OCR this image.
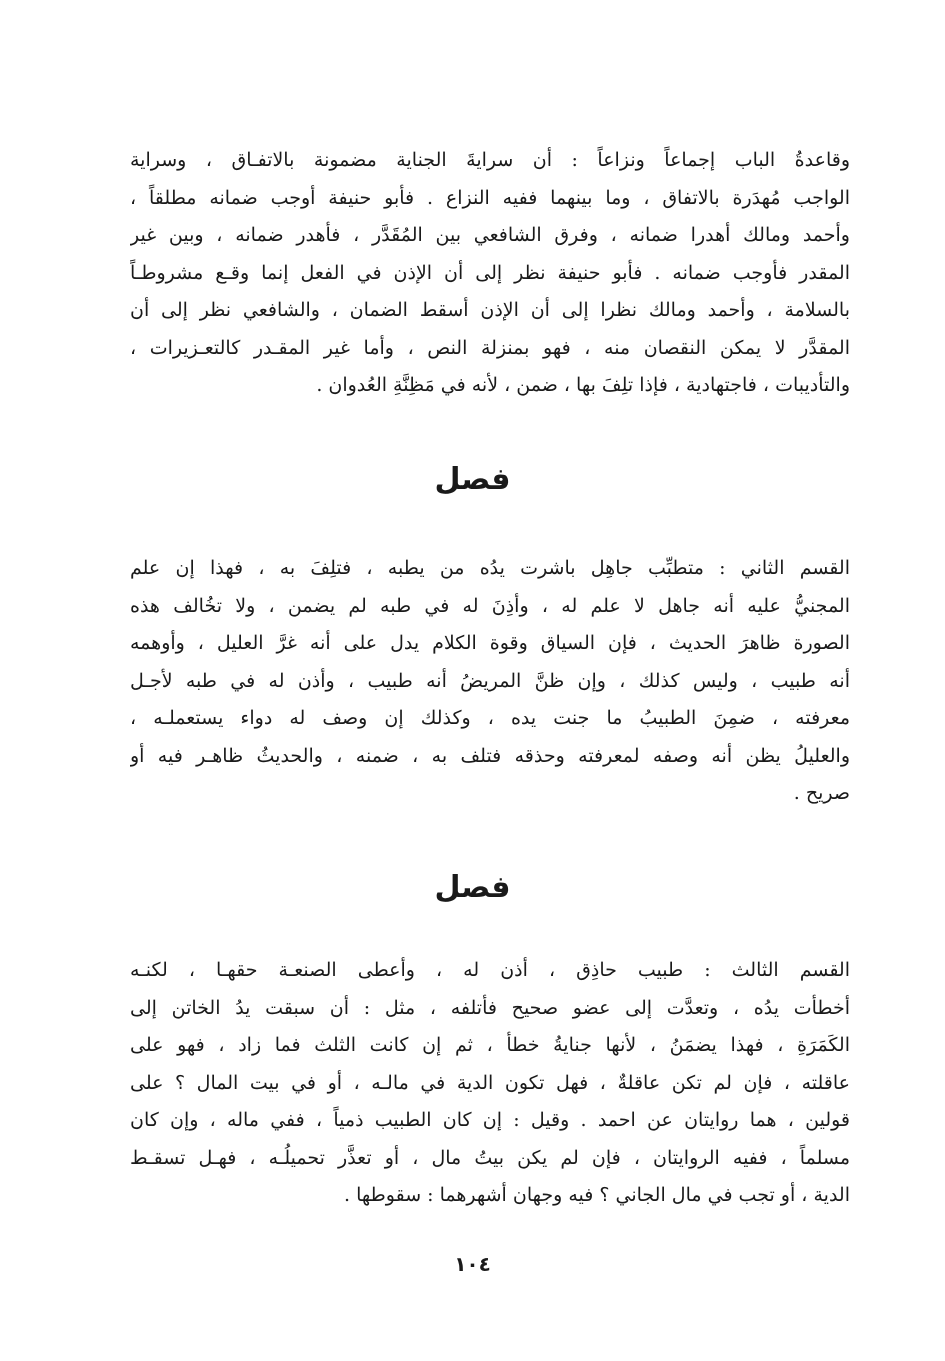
وقاعدةُ الباب إجماعاً ونزاعاً : أن سرايةَ الجناية مضمونة بالاتفـاق ، وسراية
الواجب مُهدَرة بالاتفاق ، وما بينهما ففيه النزاع . فأبو حنيفة أوجب ضمانه مطلقاً ،
وأحمد ومالك أهدرا ضمانه ، وفرق الشافعي بين المُقَدَّر ، فأهدر ضمانه ، وبين غير
المقدر فأوجب ضمانه . فأبو حنيفة نظر إلى أن الإذن في الفعل إنما وقـع مشروطـاً
بالسلامة ، وأحمد ومالك نظرا إلى أن الإذن أسقط الضمان ، والشافعي نظر إلى أن
المقدَّر لا يمكن النقصان منه ، فهو بمنزلة النص ، وأما غير المقـدر كالتعـزيرات ،
والتأديبات ، فاجتهادية ، فإذا تلِفَ بها ، ضمن ، لأنه في مَظِنَّةِ العُدوان .
فصل
القسم الثاني : متطبِّب جاهِل باشرت يدُه من يطبه ، فتلِفَ به ، فهذا إن علم
المجنيُّ عليه أنه جاهل لا علم له ، وأذِنَ له في طبه لم يضمن ، ولا تخُالف هذه
الصورة ظاهرَ الحديث ، فإن السياق وقوة الكلام يدل على أنه غرَّ العليل ، وأوهمه
أنه طبيب ، وليس كذلك ، وإن ظنَّ المريضُ أنه طبيب ، وأذن له في طبه لأجـل
معرفته ، ضمِنَ الطبيبُ ما جنت يده ، وكذلك إن وصف له دواء يستعملـه ،
والعليلُ يظن أنه وصفه لمعرفته وحذقه فتلف به ، ضمنه ، والحديثُ ظاهـر فيه أو
صريح .
فصل
القسم الثالث : طبيب حاذِق ، أذن له ، وأعطى الصنعـة حقهـا ، لكنـه
أخطأت يدُه ، وتعدَّت إلى عضو صحيح فأتلفه ، مثل : أن سبقت يدُ الخاتن إلى
الكَمَرَةِ ، فهذا يضمَنُ ، لأنها جنايةُ خطأ ، ثم إن كانت الثلث فما زاد ، فهو على
عاقلته ، فإن لم تكن عاقلةٌ ، فهل تكون الدية في مالـه ، أو في بيت المال ؟ على
قولين ، هما روايتان عن احمد . وقيل : إن كان الطبيب ذمياً ، ففي ماله ، وإن كان
مسلماً ، ففيه الروايتان ، فإن لم يكن بيتُ مال ، أو تعذَّر تحميلُـه ، فهـل تسقـط
الدية ، أو تجب في مال الجاني ؟ فيه وجهان أشهرهما : سقوطها .
١٠٤
